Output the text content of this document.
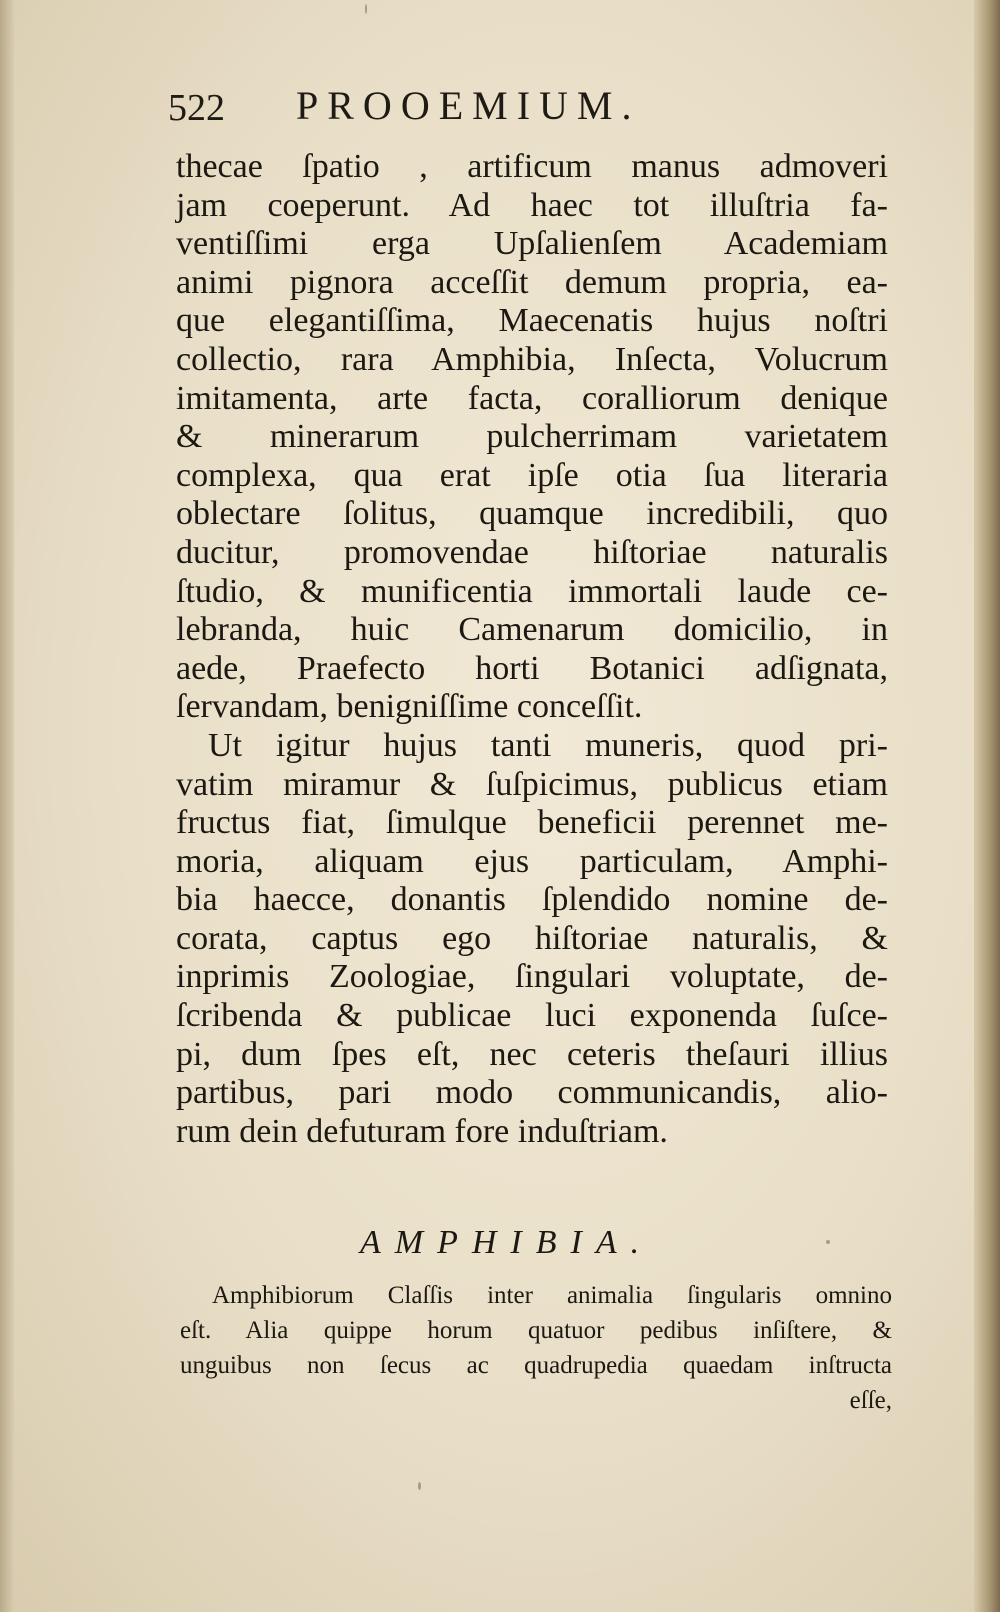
522 PROOEMIUM.
thecae ſpatio , artificum manus admoveri
jam coeperunt. Ad haec tot illuſtria fa-
ventiſſimi erga Upſalienſem Academiam
animi pignora acceſſit demum propria, ea-
que elegantiſſima, Maecenatis hujus noſtri
collectio, rara Amphibia, Inſecta, Volucrum
imitamenta, arte facta, coralliorum denique
& minerarum pulcherrimam varietatem
complexa, qua erat ipſe otia ſua literaria
oblectare ſolitus, quamque incredibili, quo
ducitur, promovendae hiſtoriae naturalis
ſtudio, & munificentia immortali laude ce-
lebranda, huic Camenarum domicilio, in
aede, Praefecto horti Botanici adſignata,
ſervandam, benigniſſime conceſſit.
Ut igitur hujus tanti muneris, quod pri-
vatim miramur & ſuſpicimus, publicus etiam
fructus fiat, ſimulque beneficii perennet me-
moria, aliquam ejus particulam, Amphi-
bia haecce, donantis ſplendido nomine de-
corata, captus ego hiſtoriae naturalis, &
inprimis Zoologiae, ſingulari voluptate, de-
ſcribenda & publicae luci exponenda ſuſce-
pi, dum ſpes eſt, nec ceteris theſauri illius
partibus, pari modo communicandis, alio-
rum dein defuturam fore induſtriam.
AMPHIBIA.
Amphibiorum Claſſis inter animalia ſingularis omnino
eſt. Alia quippe horum quatuor pedibus inſiſtere, &
unguibus non ſecus ac quadrupedia quaedam inſtructa
eſſe,
